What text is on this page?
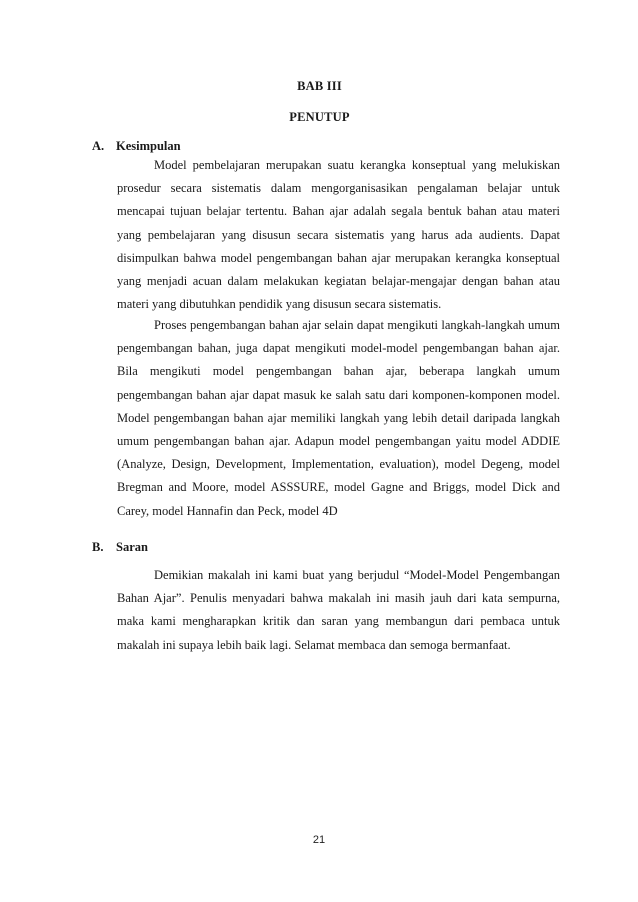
BAB III
PENUTUP
A. Kesimpulan

Model pembelajaran merupakan suatu kerangka konseptual yang melukiskan prosedur secara sistematis dalam mengorganisasikan pengalaman belajar untuk mencapai tujuan belajar tertentu. Bahan ajar adalah segala bentuk bahan atau materi yang pembelajaran yang disusun secara sistematis yang harus ada audients. Dapat disimpulkan bahwa model pengembangan bahan ajar merupakan kerangka konseptual yang menjadi acuan dalam melakukan kegiatan belajar-mengajar dengan bahan atau materi yang dibutuhkan pendidik yang disusun secara sistematis.

Proses pengembangan bahan ajar selain dapat mengikuti langkah-langkah umum pengembangan bahan, juga dapat mengikuti model-model pengembangan bahan ajar. Bila mengikuti model pengembangan bahan ajar, beberapa langkah umum pengembangan bahan ajar dapat masuk ke salah satu dari komponen-komponen model. Model pengembangan bahan ajar memiliki langkah yang lebih detail daripada langkah umum pengembangan bahan ajar. Adapun model pengembangan yaitu model ADDIE (Analyze, Design, Development, Implementation, evaluation), model Degeng, model Bregman and Moore, model ASSSURE, model Gagne and Briggs, model Dick and Carey, model Hannafin dan Peck, model 4D

B. Saran

Demikian makalah ini kami buat yang berjudul “Model-Model Pengembangan Bahan Ajar”. Penulis menyadari bahwa makalah ini masih jauh dari kata sempurna, maka kami mengharapkan kritik dan saran yang membangun dari pembaca untuk makalah ini supaya lebih baik lagi. Selamat membaca dan semoga bermanfaat.

21
